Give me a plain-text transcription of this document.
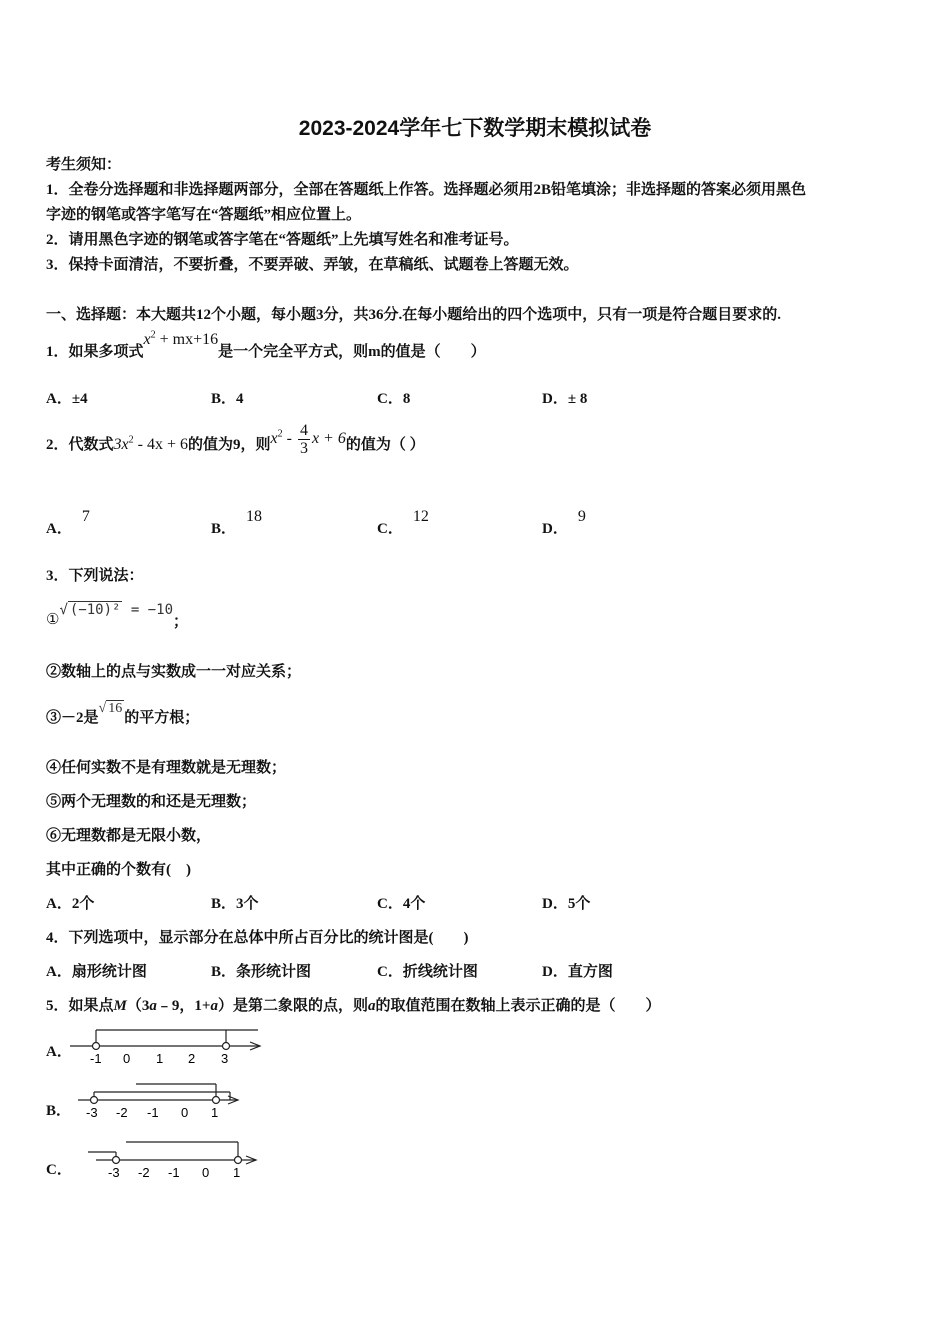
2023-2024学年七下数学期末模拟试卷
考生须知：
1．全卷分选择题和非选择题两部分，全部在答题纸上作答。选择题必须用2B铅笔填涂；非选择题的答案必须用黑色
字迹的钢笔或答字笔写在“答题纸”相应位置上。
2．请用黑色字迹的钢笔或答字笔在“答题纸”上先填写姓名和准考证号。
3．保持卡面清洁，不要折叠，不要弄破、弄皱，在草稿纸、试题卷上答题无效。
一、选择题：本大题共12个小题，每小题3分，共36分.在每小题给出的四个选项中，只有一项是符合题目要求的.
1．如果多项式$x^2 + mx+16$是一个完全平方式，则m的值是（　　）
A．±4	B．4	C．8	D．± 8
2．代数式$3x^2 - 4x + 6$的值为9，则$x^2 - \frac{4}{3}$ x + 6的值为（ ）
A．7
B．18
C．12
D．9
3．下列说法：
①√ (−10)² = −10；
②数轴上的点与实数成一一对应关系；
③－2是√ 16的平方根；
④任何实数不是有理数就是无理数；
⑤两个无理数的和还是无理数；
⑥无理数都是无限小数，
其中正确的个数有(　)
A．2个	B．3个	C．4个	D．5个
4．下列选项中，显示部分在总体中所占百分比的统计图是(　　)
A．扇形统计图	B．条形统计图	C．折线统计图	D．直方图
5．如果点M（3a﹣9，1+a）是第二象限的点，则a的取值范围在数轴上表示正确的是（　　）
A． -1 0 1 2 3
B． -3 -2 -1 0 1
C．	-3 -2 -1 0 1
